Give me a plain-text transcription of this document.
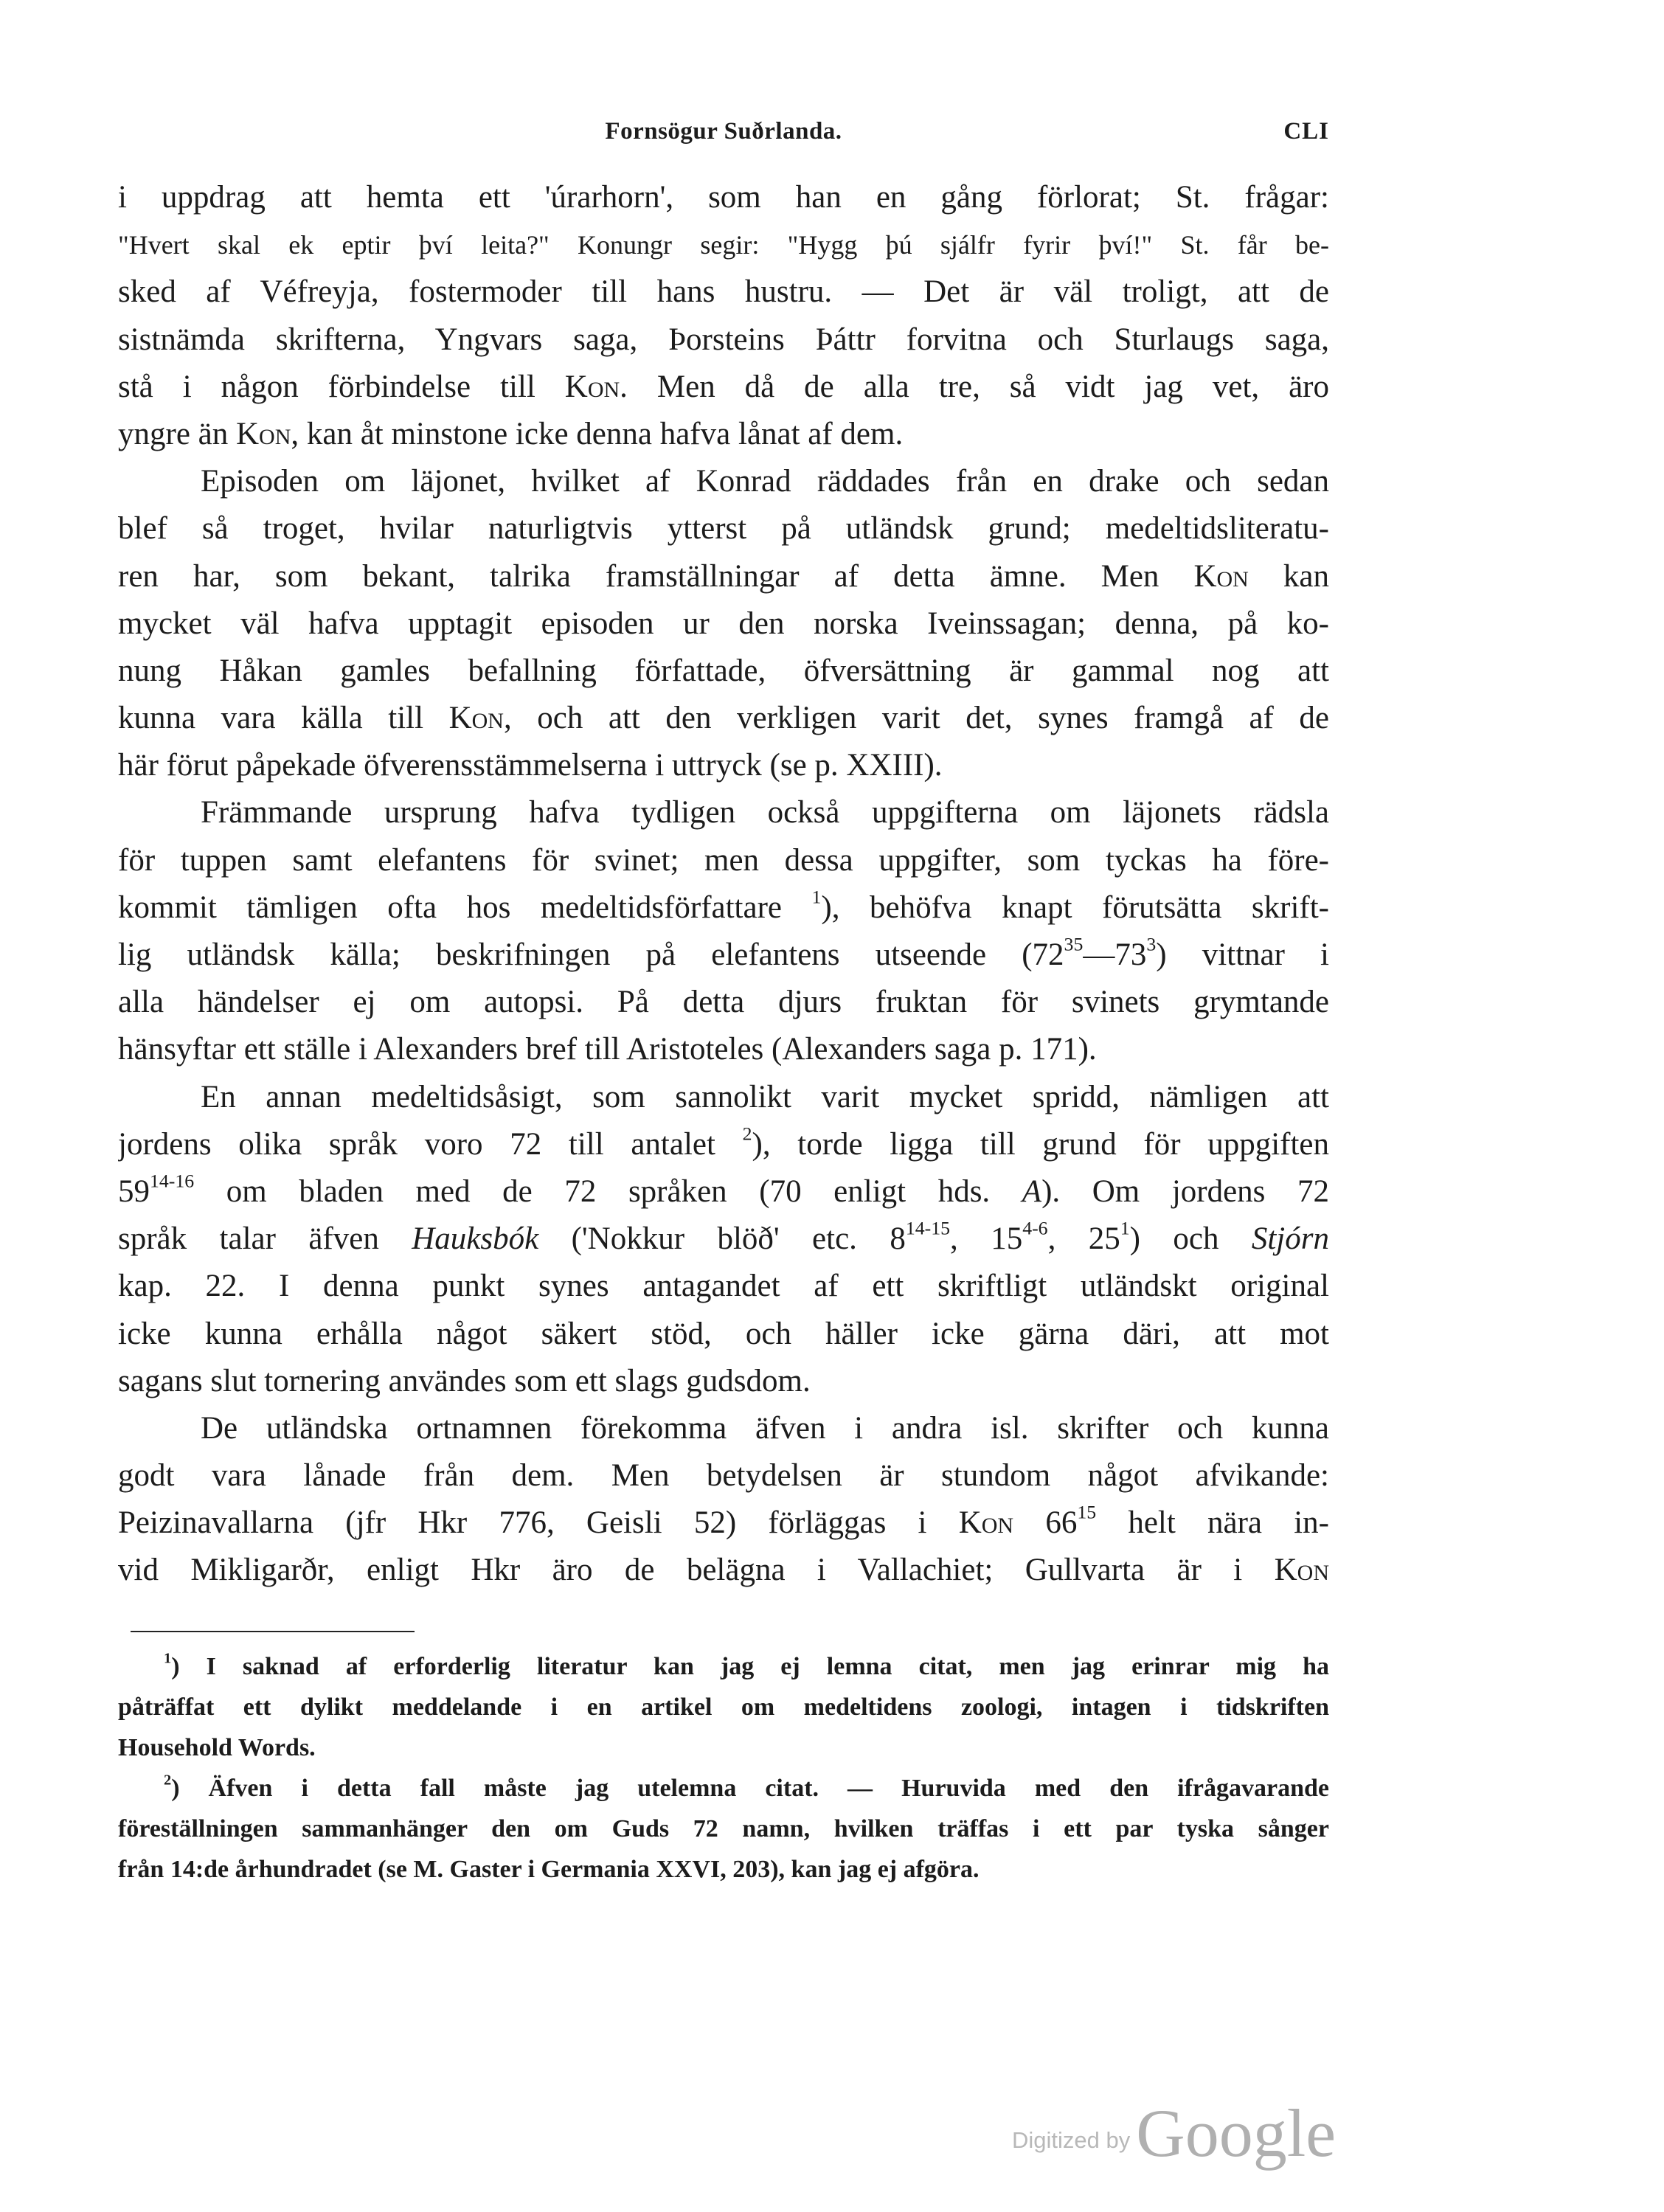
Fornsögur Suðrlanda.	CLI
i uppdrag att hemta ett 'úrarhorn', som han en gång förlorat; St. frågar:
"Hvert skal ek eptir því leita?" Konungr segir: "Hygg þú sjálfr fyrir því!" St. får be-
sked af Véfreyja, fostermoder till hans hustru. — Det är väl troligt, att de
sistnämda skrifterna, Yngvars saga, Þorsteins Þáttr forvitna och Sturlaugs saga,
stå i någon förbindelse till Kon. Men då de alla tre, så vidt jag vet, äro
yngre än Kon, kan åt minstone icke denna hafva lånat af dem.
Episoden om läjonet, hvilket af Konrad räddades från en drake och sedan
blef så troget, hvilar naturligtvis ytterst på utländsk grund; medeltidsliteratu-
ren har, som bekant, talrika framställningar af detta ämne. Men Kon kan
mycket väl hafva upptagit episoden ur den norska Iveinssagan; denna, på ko-
nung Håkan gamles befallning författade, öfversättning är gammal nog att
kunna vara källa till Kon, och att den verkligen varit det, synes framgå af de
här förut påpekade öfverensstämmelserna i uttryck (se p. XXIII).
Främmande ursprung hafva tydligen också uppgifterna om läjonets rädsla
för tuppen samt elefantens för svinet; men dessa uppgifter, som tyckas ha före-
kommit tämligen ofta hos medeltidsförfattare $^1$), behöfva knapt förutsätta skrift-
lig utländsk källa; beskrifningen på elefantens utseende $(72^{35}—73^3)$ vittnar i
alla händelser ej om autopsi. På detta djurs fruktan för svinets grymtande
hänsyftar ett ställe i Alexanders bref till Aristoteles (Alexanders saga p. 171).
En annan medeltidsåsigt, som sannolikt varit mycket spridd, nämligen att
jordens olika språk voro 72 till antalet $^2$), torde ligga till grund för uppgiften
59$^{14-16}$ om bladen med de 72 språken (70 enligt hds. A). Om jordens 72
språk talar äfven Hauksbók ('Nokkur blöð' etc. 8$^{14-15}$, 15$^{4-6}$, $25^1$) och Stjórn
kap. 22. I denna punkt synes antagandet af ett skriftligt utländskt original
icke kunna erhålla något säkert stöd, och häller icke gärna däri, att mot
sagans slut tornering användes som ett slags gudsdom.
De utländska ortnamnen förekomma äfven i andra isl. skrifter och kunna
godt vara lånade från dem. Men betydelsen är stundom något afvikande:
Peizinavallarna (jfr Hkr 776, Geisli 52) förläggas i Kon $66^{15}$ helt nära in-
vid Mikligarðr, enligt Hkr äro de belägna i Vallachiet; Gullvarta är i Kon
$^1$) I saknad af erforderlig literatur kan jag ej lemna citat, men jag erinrar mig ha
påträffat ett dylikt meddelande i en artikel om medeltidens zoologi, intagen i tidskriften
Household Words.
$^2$) Äfven i detta fall måste jag utelemna citat. — Huruvida med den ifrågavarande
föreställningen sammanhänger den om Guds 72 namn, hvilken träffas i ett par tyska sånger
från 14:de århundradet (se M. Gaster i Germania XXVI, 203), kan jag ej afgöra.
Digitized by Google
